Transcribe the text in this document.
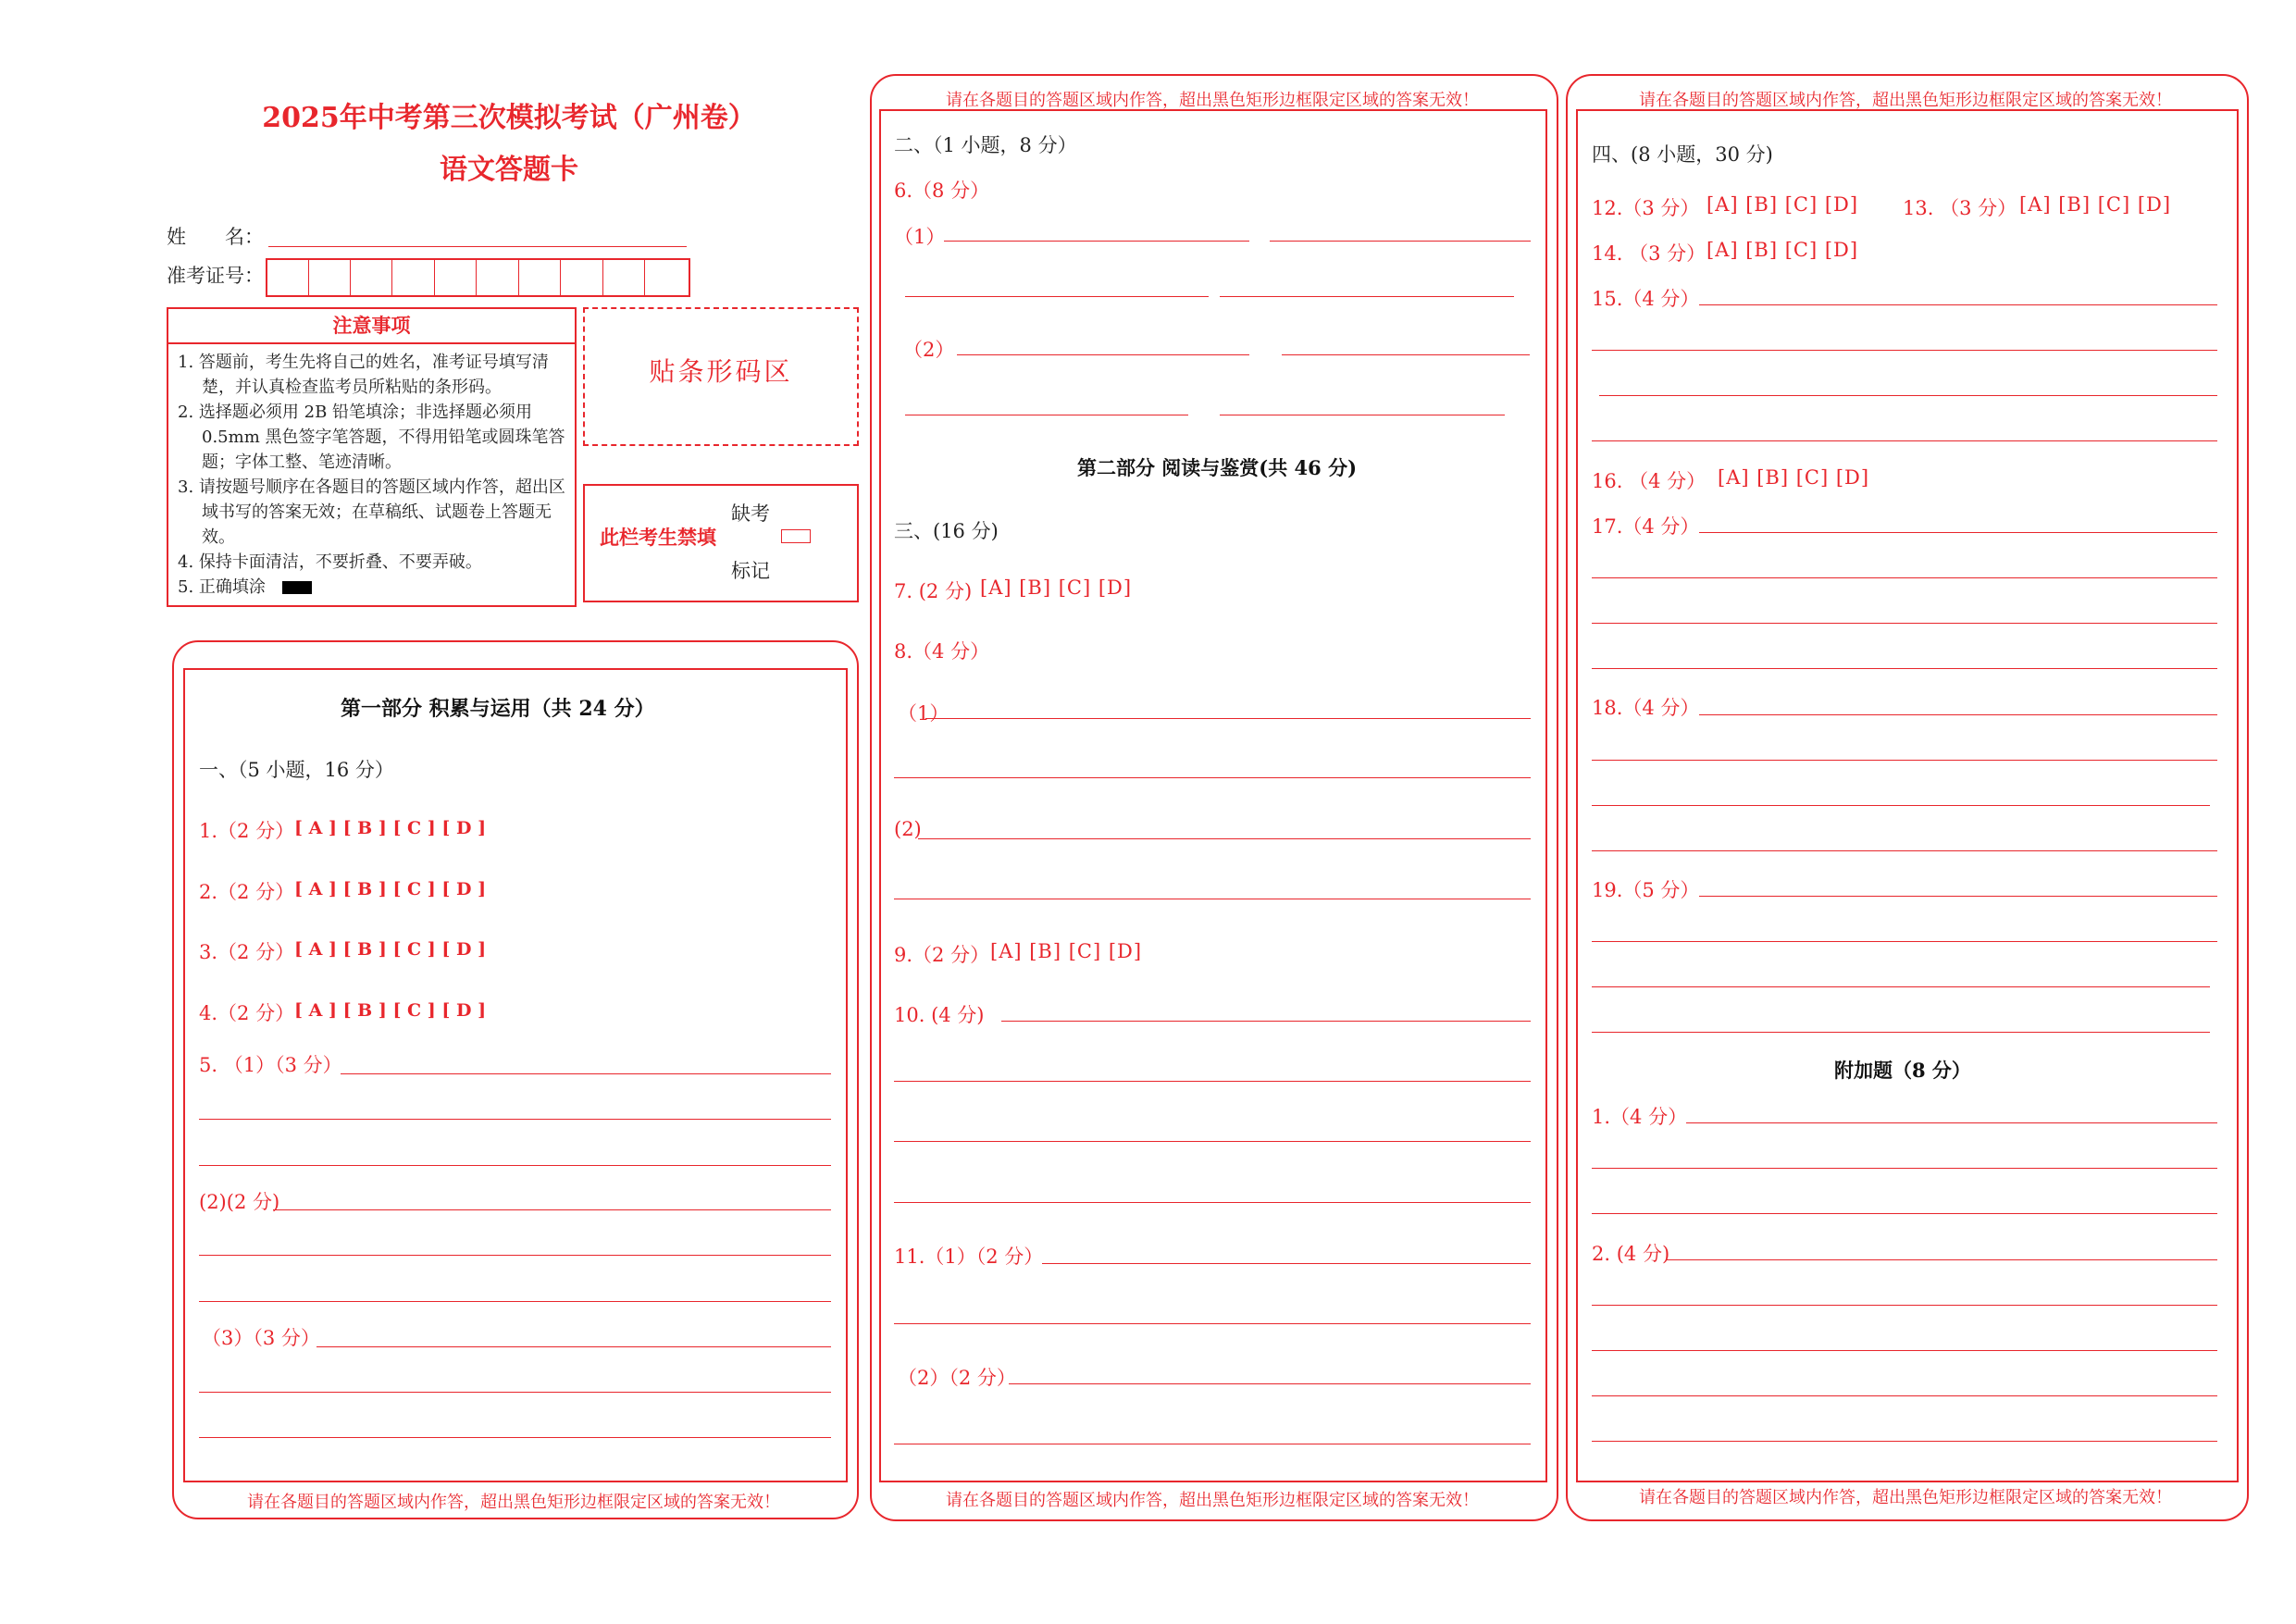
2025年中考第三次模拟考试（广州卷）
语文答题卡
姓　　名：
准考证号：
注意事项
1. 答题前，考生先将自己的姓名，准考证号填写清楚，并认真检查监考员所粘贴的条形码。
2. 选择题必须用 2B 铅笔填涂；非选择题必须用 0.5mm 黑色签字笔答题，不得用铅笔或圆珠笔答题；字体工整、笔迹清晰。
3. 请按题号顺序在各题目的答题区域内作答，超出区域书写的答案无效；在草稿纸、试题卷上答题无效。
4. 保持卡面清洁，不要折叠、不要弄破。
5. 正确填涂
贴条形码区
此栏考生禁填
缺考
标记
请在各题目的答题区域内作答，超出黑色矩形边框限定区域的答案无效！
第一部分 积累与运用（共 24 分）
一、（5 小题，16 分）
1.（2 分） [ A ] [ B ] [ C ] [ D ]
2.（2 分） [ A ] [ B ] [ C ] [ D ]
3.（2 分） [ A ] [ B ] [ C ] [ D ]
4.（2 分） [ A ] [ B ] [ C ] [ D ]
5. （1）（3 分）
(2)(2 分)
（3）（3 分）
请在各题目的答题区域内作答，超出黑色矩形边框限定区域的答案无效！
请在各题目的答题区域内作答，超出黑色矩形边框限定区域的答案无效！
二、（1 小题，8 分）
6.（8 分）
（1）
（2）
第二部分 阅读与鉴赏(共 46 分)
三、(16 分)
7. (2 分) [A] [B] [C] [D]
8.（4 分）
（1）
(2)
9.（2 分） [A] [B] [C] [D]
10. (4 分)
11.（1）（2 分）
（2）（2 分）
请在各题目的答题区域内作答，超出黑色矩形边框限定区域的答案无效！
请在各题目的答题区域内作答，超出黑色矩形边框限定区域的答案无效！
四、(8 小题，30 分)
12.（3 分） [A] [B] [C] [D] 13. （3 分） [A] [B] [C] [D]
14. （3 分） [A] [B] [C] [D]
15.（4 分）
16. （4 分） [A] [B] [C] [D]
17.（4 分）
18.（4 分）
19.（5 分）
附加题（8 分）
1.（4 分）
2. (4 分)
